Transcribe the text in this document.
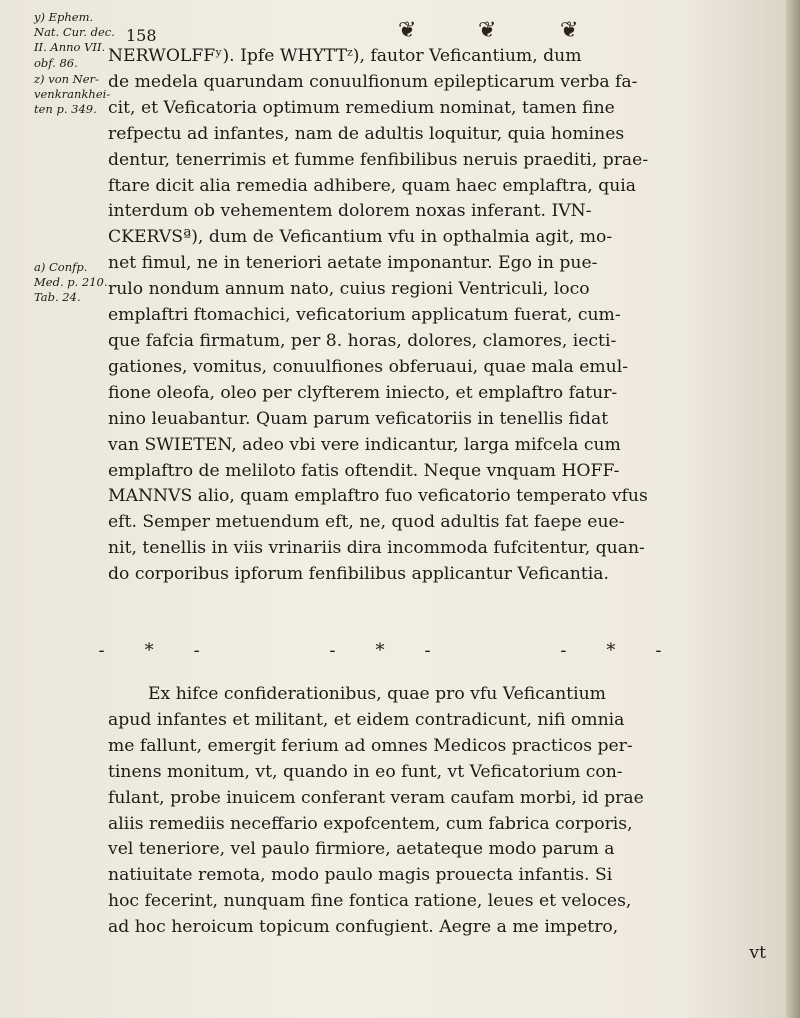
158	❦	❦	❦
y) Ephem.
Nat. Cur. dec.
II. Anno VII.
obf. 86.
z) von Ner-
venkrankhei-
ten p. 349.
a) Confp.
Med. p. 210.
Tab. 24.
NERWOLFFʸ). Ipfe WHYTTᶻ), fautor Veficantium, dum
de medela quarundam conuulfionum epilepticarum verba fa-
cit, et Veficatoria optimum remedium nominat, tamen fine
refpectu ad infantes, nam de adultis loquitur, quia homines
dentur, tenerrimis et fumme fenfibilibus neruis praediti, prae-
ftare dicit alia remedia adhibere, quam haec emplaftra, quia
interdum ob vehementem dolorem noxas inferant. IVN-
CKERVSª), dum de Veficantium vfu in opthalmia agit, mo-
net fimul, ne in teneriori aetate imponantur. Ego in pue-
rulo nondum annum nato, cuius regioni Ventriculi, loco
emplaftri ftomachici, veficatorium applicatum fuerat, cum-
que fafcia firmatum, per 8. horas, dolores, clamores, iecti-
gationes, vomitus, conuulfiones obferuaui, quae mala emul-
fione oleofa, oleo per clyfterem iniecto, et emplaftro fatur-
nino leuabantur. Quam parum veficatoriis in tenellis fidat
van SWIETEN, adeo vbi vere indicantur, larga mifcela cum
emplaftro de meliloto fatis oftendit. Neque vnquam HOFF-
MANNVS alio, quam emplaftro fuo veficatorio temperato vfus
eft. Semper metuendum eft, ne, quod adultis fat faepe eue-
nit, tenellis in viis vrinariis dira incommoda fufcitentur, quan-
do corporibus ipforum fenfibilibus applicantur Veficantia.
-*-	-*-	-*-
Ex hifce confiderationibus, quae pro vfu Veficantium
apud infantes et militant, et eidem contradicunt, nifi omnia
me fallunt, emergit ferium ad omnes Medicos practicos per-
tinens monitum, vt, quando in eo funt, vt Veficatorium con-
fulant, probe inuicem conferant veram caufam morbi, id prae
aliis remediis neceffario expofcentem, cum fabrica corporis,
vel teneriore, vel paulo firmiore, aetateque modo parum a
natiuitate remota, modo paulo magis prouecta infantis. Si
hoc fecerint, nunquam fine fontica ratione, leues et veloces,
ad hoc heroicum topicum confugient. Aegre a me impetro,
vt
